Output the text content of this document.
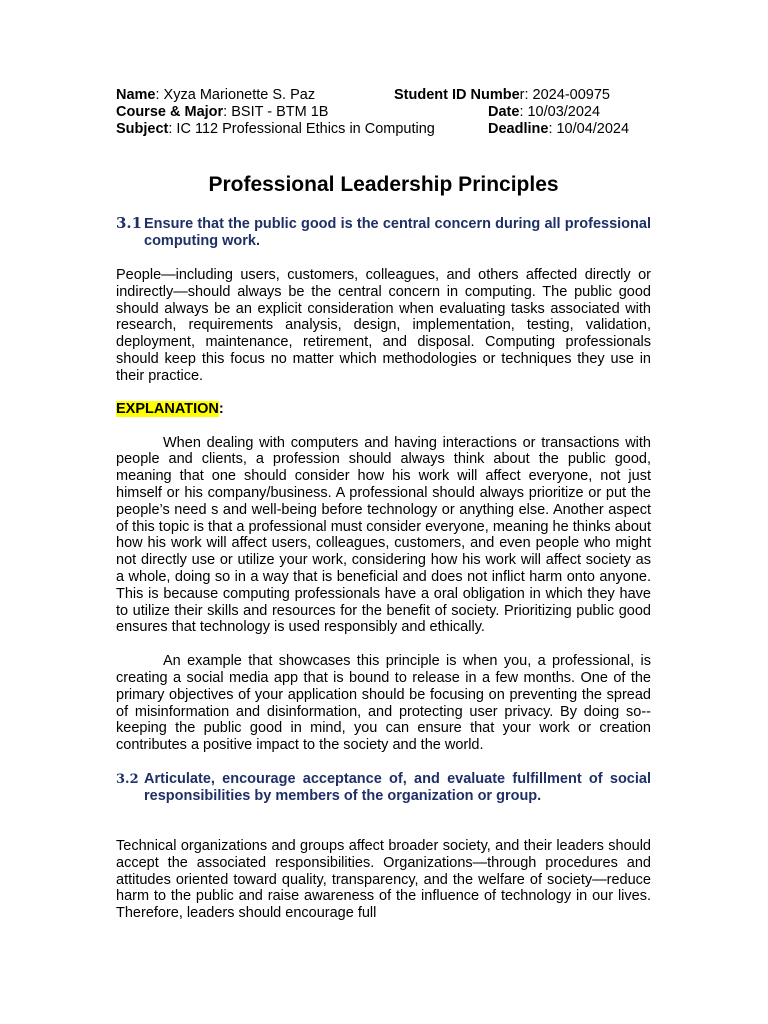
Name: Xyza Marionette S. Paz	Student ID Number: 2024-00975
Course & Major: BSIT - BTM 1B	Date: 10/03/2024
Subject: IC 112 Professional Ethics in Computing	Deadline: 10/04/2024
Professional Leadership Principles
3.1 Ensure that the public good is the central concern during all professional computing work.
People—including users, customers, colleagues, and others affected directly or indirectly—should always be the central concern in computing. The public good should always be an explicit consideration when evaluating tasks associated with research, requirements analysis, design, implementation, testing, validation, deployment, maintenance, retirement, and disposal. Computing professionals should keep this focus no matter which methodologies or techniques they use in their practice.
EXPLANATION:
When dealing with computers and having interactions or transactions with people and clients, a profession should always think about the public good, meaning that one should consider how his work will affect everyone, not just himself or his company/business. A professional should always prioritize or put the people’s need s and well-being before technology or anything else. Another aspect of this topic is that a professional must consider everyone, meaning he thinks about how his work will affect users, colleagues, customers, and even people who might not directly use or utilize your work, considering how his work will affect society as a whole, doing so in a way that is beneficial and does not inflict harm onto anyone. This is because computing professionals have a oral obligation in which they have to utilize their skills and resources for the benefit of society. Prioritizing public good ensures that technology is used responsibly and ethically.
An example that showcases this principle is when you, a professional, is creating a social media app that is bound to release in a few months. One of the primary objectives of your application should be focusing on preventing the spread of misinformation and disinformation, and protecting user privacy. By doing so--keeping the public good in mind, you can ensure that your work or creation contributes a positive impact to the society and the world.
3.2 Articulate, encourage acceptance of, and evaluate fulfillment of social responsibilities by members of the organization or group.
Technical organizations and groups affect broader society, and their leaders should accept the associated responsibilities. Organizations—through procedures and attitudes oriented toward quality, transparency, and the welfare of society—reduce harm to the public and raise awareness of the influence of technology in our lives. Therefore, leaders should encourage full
